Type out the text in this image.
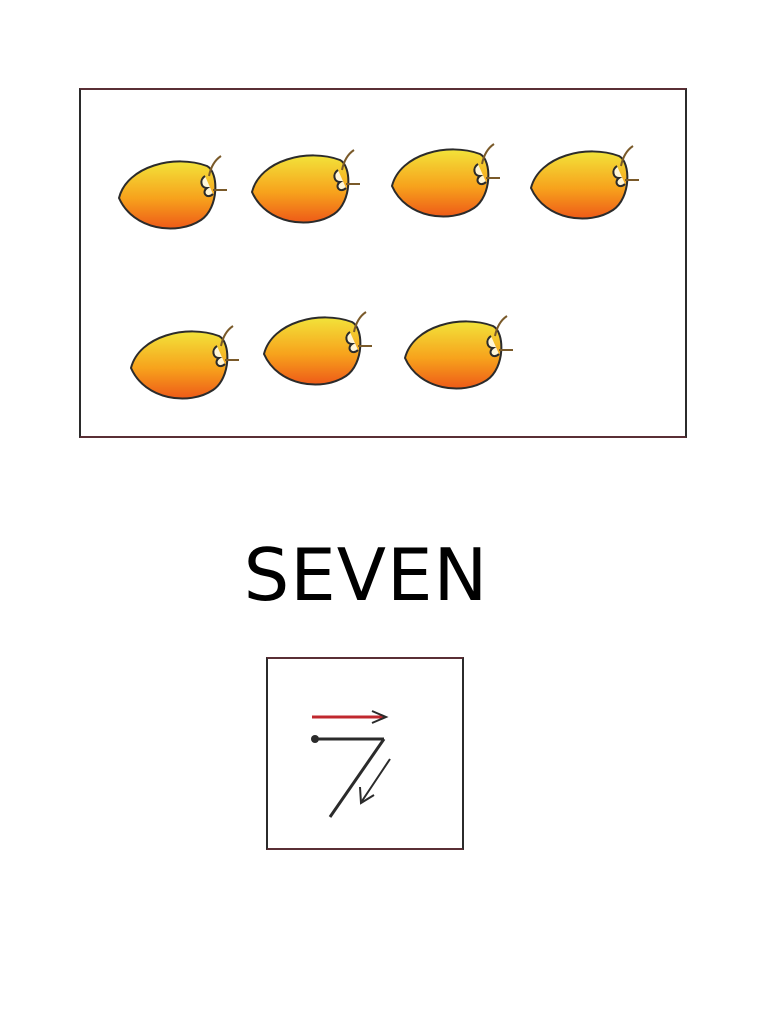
SEVEN
